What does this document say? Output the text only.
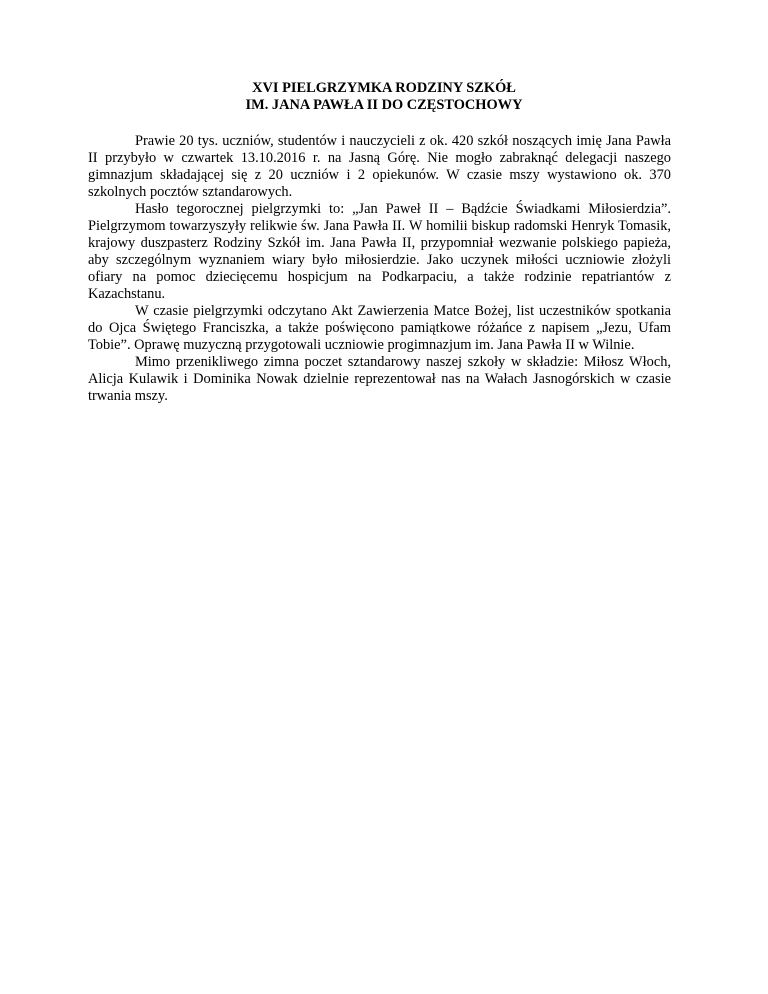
XVI PIELGRZYMKA RODZINY SZKÓŁ
IM. JANA PAWŁA II DO CZĘSTOCHOWY

Prawie 20 tys. uczniów, studentów i nauczycieli z ok. 420 szkół noszących imię Jana Pawła II przybyło w czwartek 13.10.2016 r. na Jasną Górę. Nie mogło zabraknąć delegacji naszego gimnazjum składającej się z 20 uczniów i 2 opiekunów. W czasie mszy wystawiono ok. 370 szkolnych pocztów sztandarowych.

Hasło tegorocznej pielgrzymki to: „Jan Paweł II – Bądźcie Świadkami Miłosierdzia”. Pielgrzymom towarzyszyły relikwie św. Jana Pawła II. W homilii biskup radomski Henryk Tomasik, krajowy duszpasterz Rodziny Szkół im. Jana Pawła II, przypomniał wezwanie polskiego papieża, aby szczególnym wyznaniem wiary było miłosierdzie. Jako uczynek miłości uczniowie złożyli ofiary na pomoc dziecięcemu hospicjum na Podkarpaciu, a także rodzinie repatriantów z Kazachstanu.

W czasie pielgrzymki odczytano Akt Zawierzenia Matce Bożej, list uczestników spotkania do Ojca Świętego Franciszka, a także poświęcono pamiątkowe różańce z napisem „Jezu, Ufam Tobie”. Oprawę muzyczną przygotowali uczniowie progimnazjum im. Jana Pawła II w Wilnie.

Mimo przenikliwego zimna poczet sztandarowy naszej szkoły w składzie: Miłosz Włoch, Alicja Kulawik i Dominika Nowak dzielnie reprezentował nas na Wałach Jasnogórskich w czasie trwania mszy.
